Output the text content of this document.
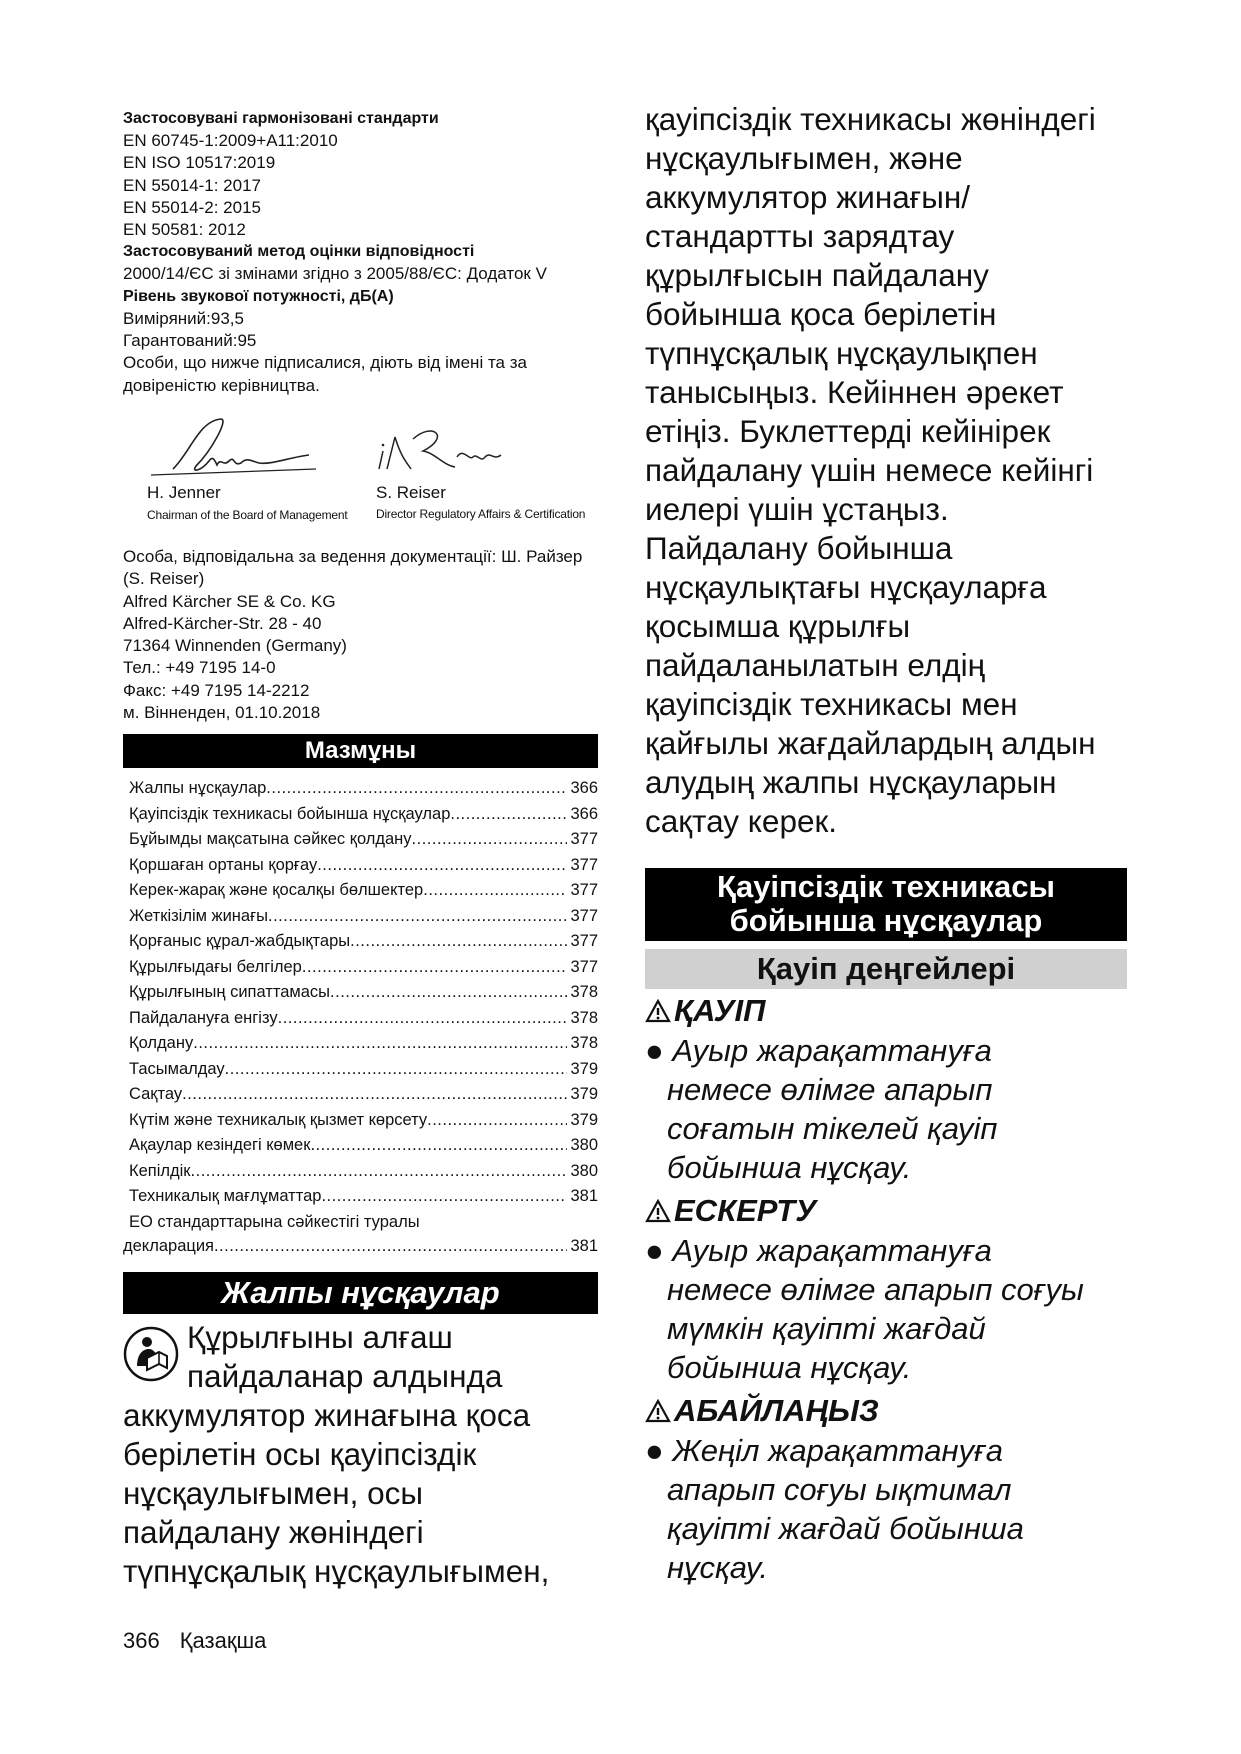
Застосовувані гармонізовані стандарти
EN 60745-1:2009+A11:2010
EN ISO 10517:2019
EN 55014-1: 2017
EN 55014-2: 2015
EN 50581: 2012
Застосовуваний метод оцінки відповідності
2000/14/ЄС зі змінами згідно з 2005/88/ЄС: Додаток V
Рівень звукової потужності, дБ(A)
Виміряний:93,5
Гарантований:95
Особи, що нижче підписалися, діють від імені та за довіреністю керівництва.
H. Jenner
Chairman of the Board of Management
S. Reiser
Director Regulatory Affairs & Certification
Особа, відповідальна за ведення документації: Ш. Райзер (S. Reiser)
Alfred Kärcher SE & Co. KG
Alfred-Kärcher-Str. 28 - 40
71364 Winnenden (Germany)
Тел.: +49 7195 14-0
Факс: +49 7195 14-2212
м. Вінненден, 01.10.2018
Мазмұны
Жалпы нұсқаулар .....	366
Қауіпсіздік техникасы бойынша нұсқаулар .....	366
Бұйымды мақсатына сәйкес қолдану .....	377
Қоршаған ортаны қорғау .....	377
Керек-жарақ және қосалқы бөлшектер .....	377
Жеткізілім жинағы .....	377
Қорғаныс құрал-жабдықтары .....	377
Құрылғыдағы белгілер .....	377
Құрылғының сипаттамасы .....	378
Пайдалануға енгізу .....	378
Қолдану .....	378
Тасымалдау .....	379
Сақтау .....	379
Күтім және техникалық қызмет көрсету .....	379
Ақаулар кезіндегі көмек .....	380
Кепілдік .....	380
Техникалық мағлұматтар .....	381
ЕО стандарттарына сәйкестігі туралы
декларация .....	381
Жалпы нұсқаулар
Құрылғыны алғаш
пайдаланар алдында
аккумулятор жинағына қоса
берілетін осы қауіпсіздік
нұсқаулығымен, осы
пайдалану жөніндегі
түпнұсқалық нұсқаулығымен,
қауіпсіздік техникасы жөніндегі
нұсқаулығымен, және
аккумулятор жинағын/
стандартты зарядтау
құрылғысын пайдалану
бойынша қоса берілетін
түпнұсқалық нұсқаулықпен
танысыңыз. Кейіннен әрекет
етіңіз. Буклеттерді кейінірек
пайдалану үшін немесе кейінгі
иелері үшін ұстаңыз.
Пайдалану бойынша
нұсқаулықтағы нұсқауларға
қосымша құрылғы
пайдаланылатын елдің
қауіпсіздік техникасы мен
қайғылы жағдайлардың алдын
алудың жалпы нұсқауларын
сақтау керек.
Қауіпсіздік техникасы
бойынша нұсқаулар
Қауіп деңгейлері
ҚАУІП
● Ауыр жарақаттануға
немесе өлімге апарып
соғатын тікелей қауіп
бойынша нұсқау.
ЕСКЕРТУ
● Ауыр жарақаттануға
немесе өлімге апарып соғуы
мүмкін қауіпті жағдай
бойынша нұсқау.
АБАЙЛАҢЫЗ
● Жеңіл жарақаттануға
апарып соғуы ықтимал
қауіпті жағдай бойынша
нұсқау.
366 Қазақша
